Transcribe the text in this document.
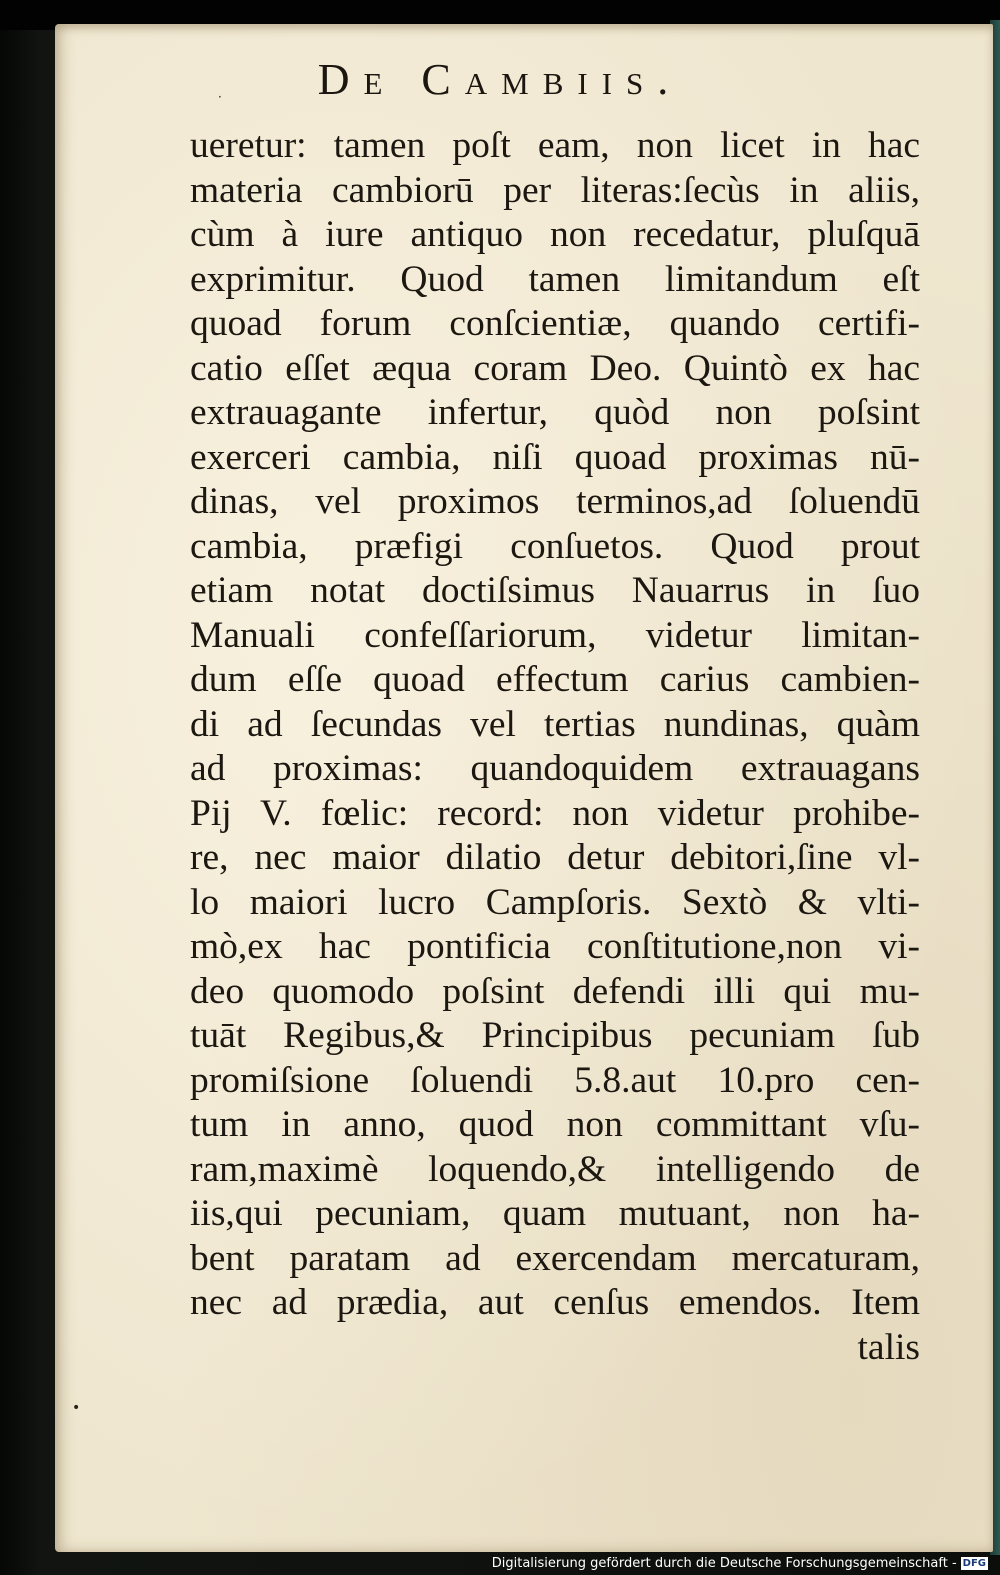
De Cambiis.
ueretur: tamen poſt eam, non licet in hac
materia cambiorū per literas:ſecùs in aliis,
cùm à iure antiquo non recedatur, pluſquā
exprimitur. Quod tamen limitandum eſt
quoad forum conſcientiæ, quando certifi-
catio eſſet æqua coram Deo. Quintò ex hac
extrauagante infertur, quòd non poſsint
exerceri cambia, niſi quoad proximas nū-
dinas, vel proximos terminos,ad ſoluendū
cambia, præfigi conſuetos. Quod prout
etiam notat doctiſsimus Nauarrus in ſuo
Manuali confeſſariorum, videtur limitan-
dum eſſe quoad effectum carius cambien-
di ad ſecundas vel tertias nundinas, quàm
ad proximas: quandoquidem extrauagans
Pij V. fœlic: record: non videtur prohibe-
re, nec maior dilatio detur debitori,ſine vl-
lo maiori lucro Campſoris. Sextò & vlti-
mò,ex hac pontificia conſtitutione,non vi-
deo quomodo poſsint defendi illi qui mu-
tuāt Regibus,& Principibus pecuniam ſub
promiſsione ſoluendi 5.8.aut 10.pro cen-
tum in anno, quod non committant vſu-
ram,maximè loquendo,& intelligendo de
iis,qui pecuniam, quam mutuant, non ha-
bent paratam ad exercendam mercaturam,
nec ad prædia, aut cenſus emendos. Item
talis
•
·
Digitalisierung gefördert durch die Deutsche Forschungsgemeinschaft - DFG
